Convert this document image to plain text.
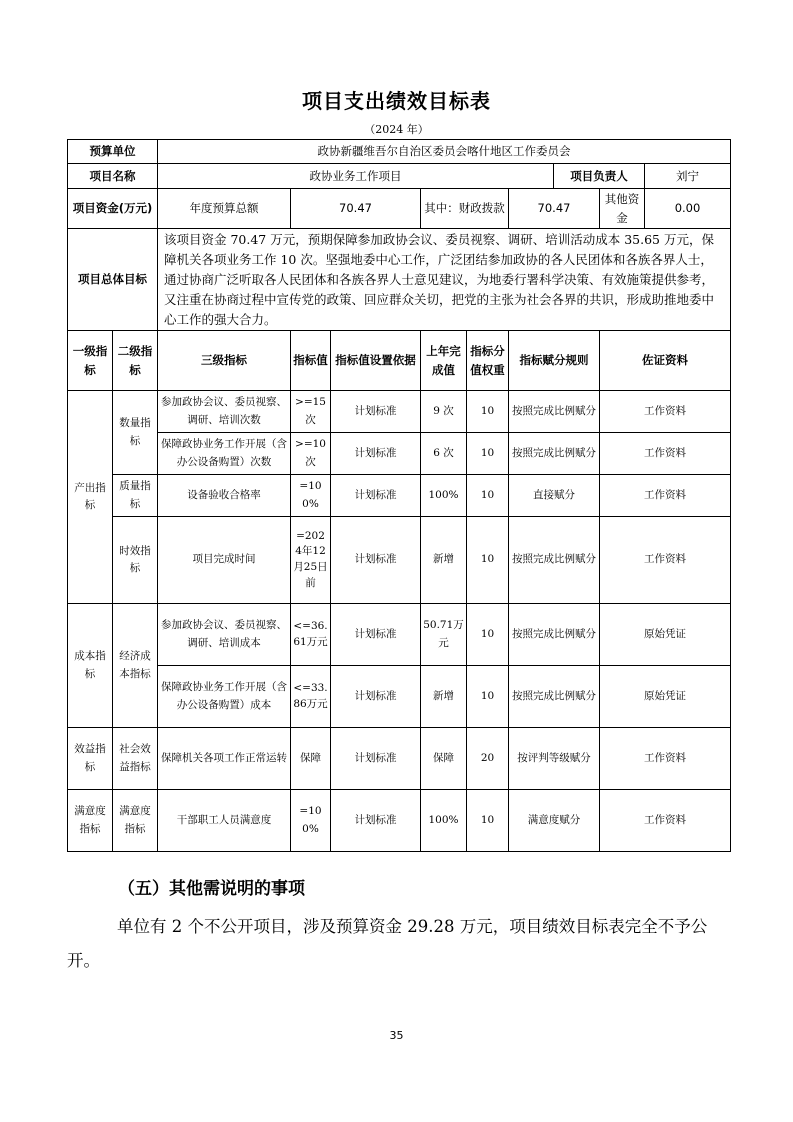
项目支出绩效目标表
（2024 年）
预算单位		政协新疆维吾尔自治区委员会喀什地区工作委员会								
项目名称		政协业务工作项目						项目负责人		刘宁
项目资金(万元)		年度预算总额	70.47		其中：财政拨款		70.47		其他资金	0.00
项目总体目标		该项目资金 70.47 万元，预期保障参加政协会议、委员视察、调研、培训活动成本 35.65 万元，保障机关各项业务工作 10 次。坚强地委中心工作，广泛团结参加政协的各人民团体和各族各界人士，通过协商广泛听取各人民团体和各族各界人士意见建议，为地委行署科学决策、有效施策提供参考，又注重在协商过程中宣传党的政策、回应群众关切，把党的主张为社会各界的共识，形成助推地委中心工作的强大合力。								
一级指标	二级指标	三级指标	指标值	指标值设置依据	上年完成值	指标分值权重	指标赋分规则		佐证资料	
产出指标	数量指标	参加政协会议、委员视察、调研、培训次数	>=15次	计划标准	9 次	10	按照完成比例赋分		工作资料	
		保障政协业务工作开展（含办公设备购置）次数	>=10次	计划标准	6 次	10	按照完成比例赋分		工作资料	
	质量指标	设备验收合格率	=100%	计划标准	100%	10	直接赋分		工作资料	
	时效指标	项目完成时间	=2024年12月25日前	计划标准	新增	10	按照完成比例赋分		工作资料	
成本指标	经济成本指标	参加政协会议、委员视察、调研、培训成本	<=36.61万元	计划标准	50.71万元	10	按照完成比例赋分		原始凭证	
		保障政协业务工作开展（含办公设备购置）成本	<=33.86万元	计划标准	新增	10	按照完成比例赋分		原始凭证	
效益指标	社会效益指标	保障机关各项工作正常运转	保障	计划标准	保障	20	按评判等级赋分		工作资料	
满意度指标	满意度指标	干部职工人员满意度	=100%	计划标准	100%	10	满意度赋分		工作资料	
（五）其他需说明的事项
单位有 2 个不公开项目，涉及预算资金 29.28 万元，项目绩效目标表完全不予公开。
35
